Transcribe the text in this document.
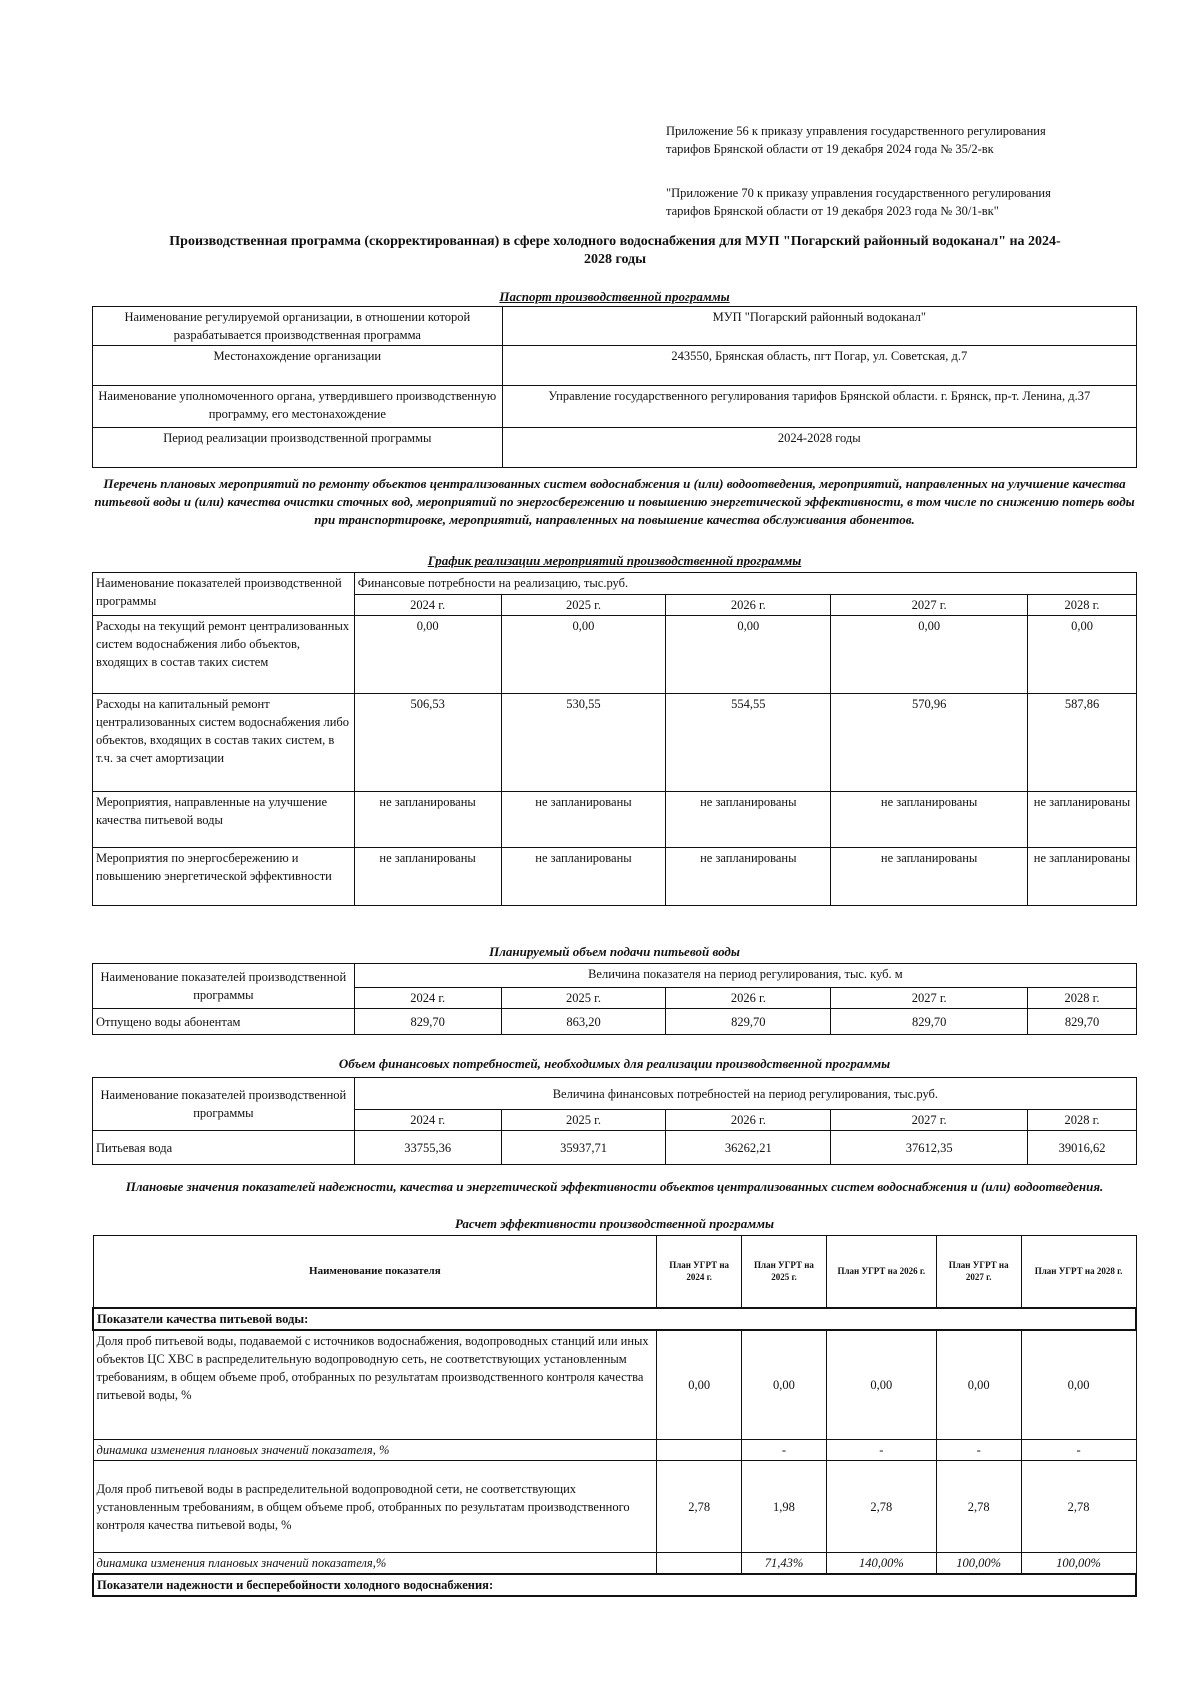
Приложение 56 к приказу управления государственного регулирования
тарифов Брянской области от 19 декабря 2024 года № 35/2-вк
"Приложение 70 к приказу управления государственного регулирования
тарифов Брянской области от 19 декабря 2023 года № 30/1-вк"
Производственная программа (скорректированная) в сфере холодного водоснабжения для МУП "Погарский районный водоканал" на 2024-
2028 годы
Паспорт производственной программы
Наименование регулируемой организации, в отношении которой разрабатывается производственная программа	МУП "Погарский районный водоканал"
Местонахождение организации	243550, Брянская область, пгт Погар, ул. Советская, д.7
Наименование уполномоченного органа, утвердившего производственную программу, его местонахождение	Управление государственного регулирования тарифов Брянской области. г. Брянск, пр-т. Ленина, д.37
Период реализации производственной программы	2024-2028 годы
Перечень плановых мероприятий по ремонту объектов централизованных систем водоснабжения и (или) водоотведения, мероприятий, направленных на улучшение качества питьевой воды и (или) качества очистки сточных вод, мероприятий по энергосбережению и повышению энергетической эффективности, в том числе по снижению потерь воды при транспортировке, мероприятий, направленных на повышение качества обслуживания абонентов.
График реализации мероприятий производственной программы
Наименование показателей производственной программы	Финансовые потребности на реализацию, тыс.руб.				
	2024 г.	2025 г.	2026 г.	2027 г.	2028 г.
Расходы на текущий ремонт централизованных систем водоснабжения либо объектов, входящих в состав таких систем	0,00	0,00	0,00	0,00	0,00
Расходы на капитальный ремонт централизованных систем водоснабжения либо объектов, входящих в состав таких систем, в т.ч. за счет амортизации	506,53	530,55	554,55	570,96	587,86
Мероприятия, направленные на улучшение качества питьевой воды	не запланированы	не запланированы	не запланированы	не запланированы	не запланированы
Мероприятия по энергосбережению и повышению энергетической эффективности	не запланированы	не запланированы	не запланированы	не запланированы	не запланированы
Планируемый объем подачи питьевой воды
Наименование показателей производственной программы	Величина показателя на период регулирования, тыс. куб. м				
	2024 г.	2025 г.	2026 г.	2027 г.	2028 г.
Отпущено воды абонентам	829,70	863,20	829,70	829,70	829,70
Объем финансовых потребностей, необходимых для реализации производственной программы
Наименование показателей производственной программы	Величина финансовых потребностей на период регулирования, тыс.руб.				
	2024 г.	2025 г.	2026 г.	2027 г.	2028 г.
Питьевая вода	33755,36	35937,71	36262,21	37612,35	39016,62
Плановые значения показателей надежности, качества и энергетической эффективности объектов централизованных систем водоснабжения и (или) водоотведения.
Расчет эффективности производственной программы
Наименование показателя	План УГРТ на 2024 г.	План УГРТ на 2025 г.	План УГРТ на 2026 г.	План УГРТ на 2027 г.	План УГРТ на 2028 г.
Показатели качества питьевой воды:					
Доля проб питьевой воды, подаваемой с источников водоснабжения, водопроводных станций или иных объектов ЦС ХВС в распределительную водопроводную сеть, не соответствующих установленным требованиям, в общем объеме проб, отобранных по результатам производственного контроля качества питьевой воды, %	0,00	0,00	0,00	0,00	0,00
динамика изменения плановых значений показателя, %		-	-	-	-
Доля проб питьевой воды в распределительной водопроводной сети, не соответствующих установленным требованиям, в общем объеме проб, отобранных по результатам производственного контроля качества питьевой воды, %	2,78	1,98	2,78	2,78	2,78
динамика изменения плановых значений показателя,%		71,43%	140,00%	100,00%	100,00%
Показатели надежности и бесперебойности холодного водоснабжения:					
